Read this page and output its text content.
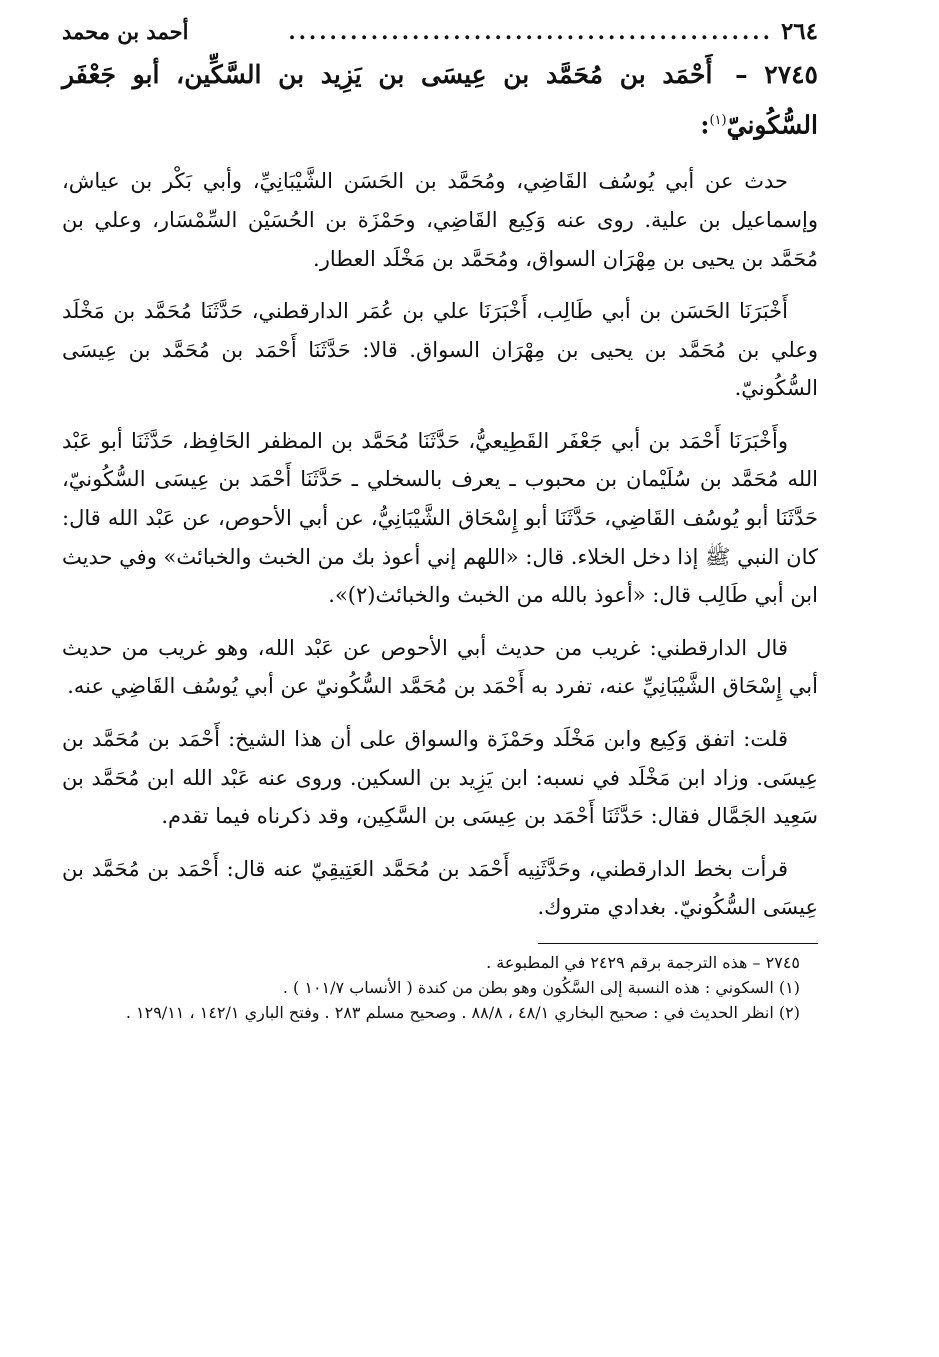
٢٦٤
...............................................
أحمد بن محمد
٢٧٤٥ – أَحْمَد بن مُحَمَّد بن عِيسَى بن يَزِيد بن السَّكِّين، أبو جَعْفَر السُّكُونيّ$^{(١)}$:

حدث عن أبي يُوسُف القَاضِي، ومُحَمَّد بن الحَسَن الشَّيْبَانِيِّ، وأبي بَكْر بن عياش، وإسماعيل بن علية. روى عنه وَكِيع القَاضِي، وحَمْزَة بن الحُسَيْن السِّمْسَار، وعلي بن مُحَمَّد بن يحيى بن مِهْرَان السواق، ومُحَمَّد بن مَخْلَد العطار.

أَخْبَرَنَا الحَسَن بن أبي طَالِب، أَخْبَرَنَا علي بن عُمَر الدارقطني، حَدَّثَنَا مُحَمَّد بن مَخْلَد وعلي بن مُحَمَّد بن يحيى بن مِهْرَان السواق. قالا: حَدَّثَنَا أَحْمَد بن مُحَمَّد بن عِيسَى السُّكُونيّ.

وأَخْبَرَنَا أَحْمَد بن أبي جَعْفَر القَطِيعيُّ، حَدَّثَنَا مُحَمَّد بن المظفر الحَافِظ، حَدَّثَنَا أبو عَبْد الله مُحَمَّد بن سُلَيْمان بن محبوب ـ يعرف بالسخلي ـ حَدَّثَنَا أَحْمَد بن عِيسَى السُّكُونيّ، حَدَّثَنَا أبو يُوسُف القَاضِي، حَدَّثَنَا أبو إِسْحَاق الشَّيْبَانِيُّ، عن أبي الأحوص، عن عَبْد الله قال: كان النبي ﷺ إذا دخل الخلاء. قال: «اللهم إني أعوذ بك من الخبث والخبائث» وفي حديث ابن أبي طَالِب قال: «أعوذ بالله من الخبث والخبائث(٢)».

قال الدارقطني: غريب من حديث أبي الأحوص عن عَبْد الله، وهو غريب من حديث أبي إِسْحَاق الشَّيْبَانِيِّ عنه، تفرد به أَحْمَد بن مُحَمَّد السُّكُونيّ عن أبي يُوسُف القَاضِي عنه.

قلت: اتفق وَكِيع وابن مَخْلَد وحَمْزَة والسواق على أن هذا الشيخ: أَحْمَد بن مُحَمَّد بن عِيسَى. وزاد ابن مَخْلَد في نسبه: ابن يَزِيد بن السكين. وروى عنه عَبْد الله ابن مُحَمَّد بن سَعِيد الجَمَّال فقال: حَدَّثَنَا أَحْمَد بن عِيسَى بن السَّكِين، وقد ذكرناه فيما تقدم.

قرأت بخط الدارقطني، وحَدَّثَنِيه أَحْمَد بن مُحَمَّد العَتِيقِيّ عنه قال: أَحْمَد بن مُحَمَّد بن عِيسَى السُّكُونيّ. بغدادي متروك.

٢٧٤٥ – هذه الترجمة برقم ٢٤٢٩ في المطبوعة .
(١) السكوني : هذه النسبة إلى السَّكُون وهو بطن من كندة ( الأنساب ١٠١/٧ ) .
(٢) انظر الحديث في : صحيح البخاري ٤٨/١ ، ٨٨/٨ . وصحيح مسلم ٢٨٣ . وفتح الباري ١٤٢/١ ، ١٢٩/١١ .
